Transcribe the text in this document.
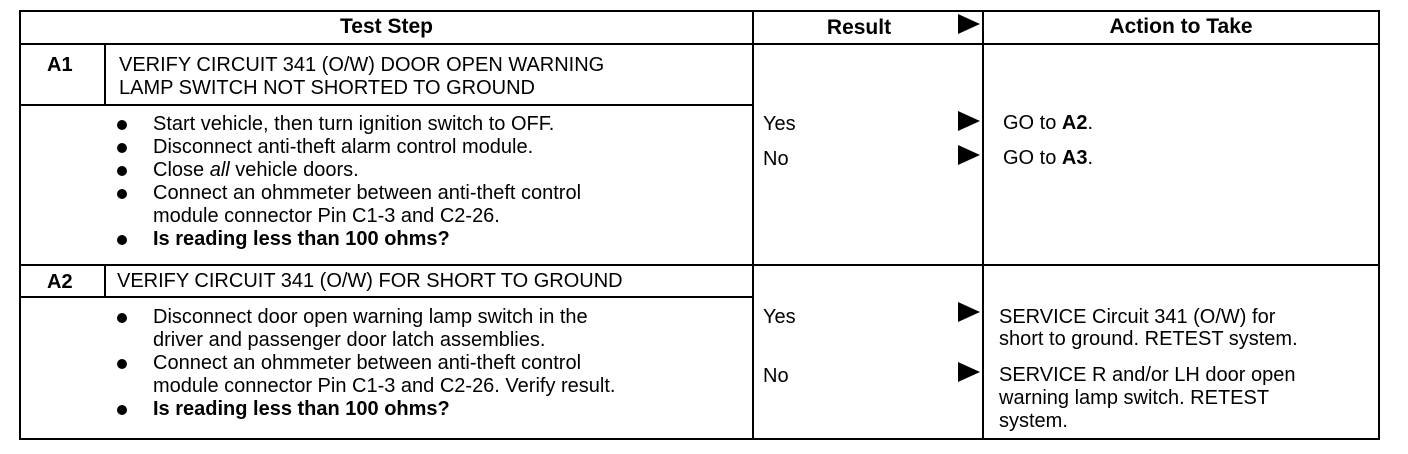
Test Step	Result	Action to Take
A1 VERIFY CIRCUIT 341 (O/W) DOOR OPEN WARNING
LAMP SWITCH NOT SHORTED TO GROUND
Start vehicle, then turn ignition switch to OFF.
Disconnect anti-theft alarm control module.
Close all vehicle doors.
Connect an ohmmeter between anti-theft control
module connector Pin C1-3 and C2-26.
Is reading less than 100 ohms?
Yes	GO to A2.
No	GO to A3.
A2 VERIFY CIRCUIT 341 (O/W) FOR SHORT TO GROUND
Disconnect door open warning lamp switch in the
driver and passenger door latch assemblies.
Connect an ohmmeter between anti-theft control
module connector Pin C1-3 and C2-26. Verify result.
Is reading less than 100 ohms?
Yes	SERVICE Circuit 341 (O/W) for
short to ground. RETEST system.
No	SERVICE R and/or LH door open
warning lamp switch. RETEST
system.
